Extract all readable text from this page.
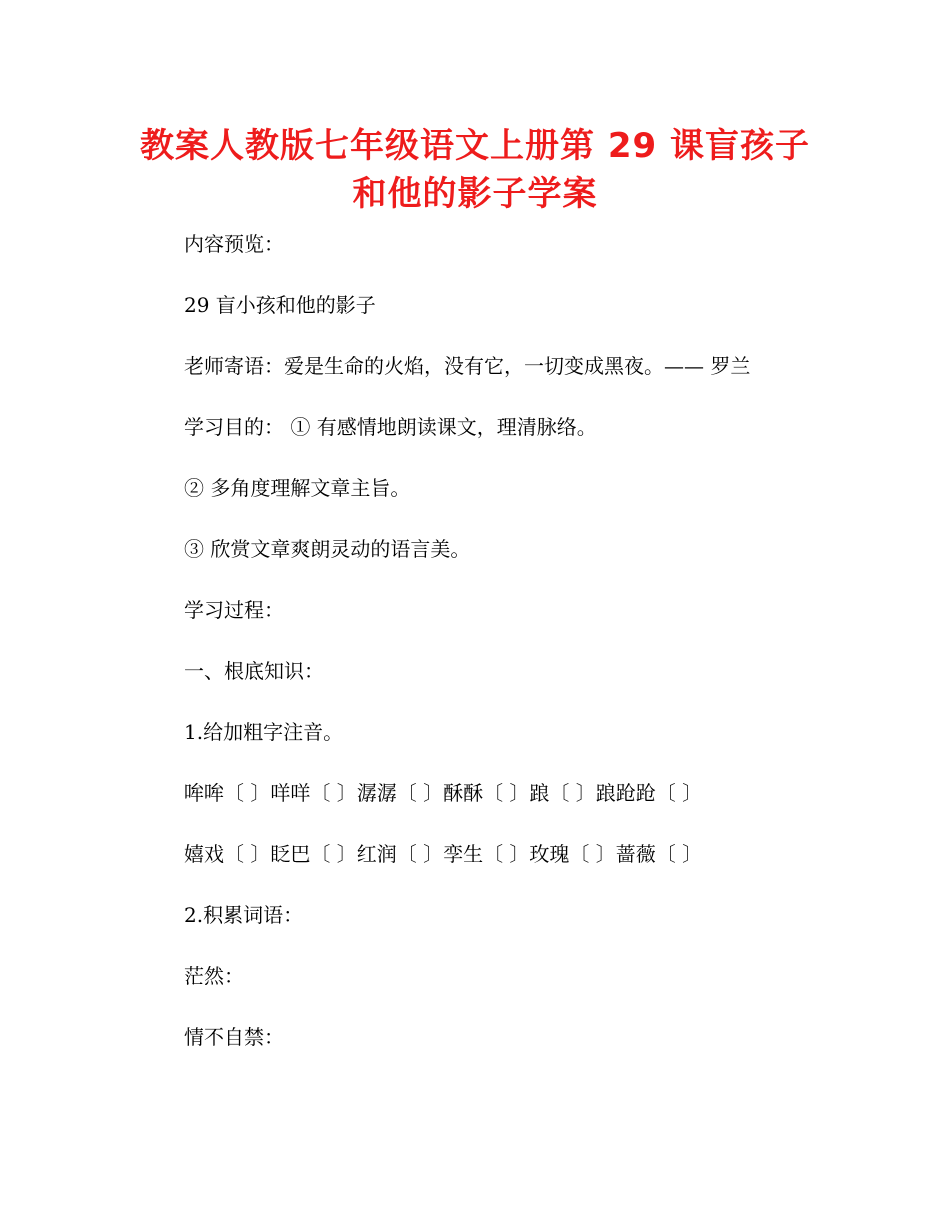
教案人教版七年级语文上册第 29 课盲孩子
和他的影子学案
内容预览：
29 盲小孩和他的影子
老师寄语：爱是生命的火焰，没有它，一切变成黑夜。—— 罗兰
学习目的： ① 有感情地朗读课文，理清脉络。
② 多角度理解文章主旨。
③ 欣赏文章爽朗灵动的语言美。
学习过程：
一、根底知识：
1.给加粗字注音。
哞哞〔 〕咩咩〔 〕潺潺〔 〕酥酥〔 〕踉〔 〕踉跄跄〔 〕
嬉戏〔 〕眨巴〔 〕红润〔 〕孪生〔 〕玫瑰〔 〕蔷薇〔 〕
2.积累词语：
茫然：
情不自禁：
